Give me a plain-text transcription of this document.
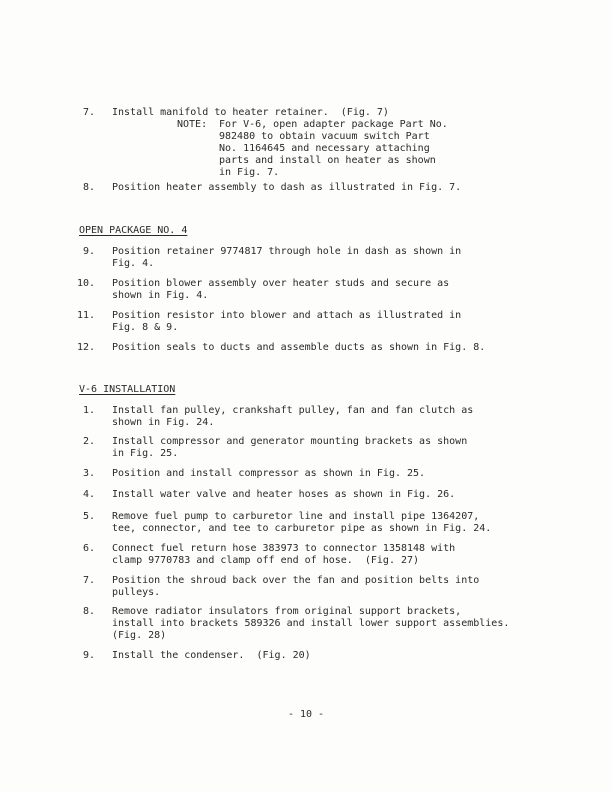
7. Install manifold to heater retainer.  (Fig. 7)
NOTE: For V-6, open adapter package Part No.
982480 to obtain vacuum switch Part
No. 1164645 and necessary attaching
parts and install on heater as shown
in Fig. 7.
8. Position heater assembly to dash as illustrated in Fig. 7.
OPEN PACKAGE NO. 4
9. Position retainer 9774817 through hole in dash as shown in
Fig. 4.
10. Position blower assembly over heater studs and secure as
shown in Fig. 4.
11. Position resistor into blower and attach as illustrated in
Fig. 8 & 9.
12. Position seals to ducts and assemble ducts as shown in Fig. 8.
V-6 INSTALLATION
1. Install fan pulley, crankshaft pulley, fan and fan clutch as
shown in Fig. 24.
2. Install compressor and generator mounting brackets as shown
in Fig. 25.
3. Position and install compressor as shown in Fig. 25.
4. Install water valve and heater hoses as shown in Fig. 26.
5. Remove fuel pump to carburetor line and install pipe 1364207,
tee, connector, and tee to carburetor pipe as shown in Fig. 24.
6. Connect fuel return hose 383973 to connector 1358148 with
clamp 9770783 and clamp off end of hose.  (Fig. 27)
7. Position the shroud back over the fan and position belts into
pulleys.
8. Remove radiator insulators from original support brackets,
install into brackets 589326 and install lower support assemblies.
(Fig. 28)
9. Install the condenser.  (Fig. 20)
- 10 -
